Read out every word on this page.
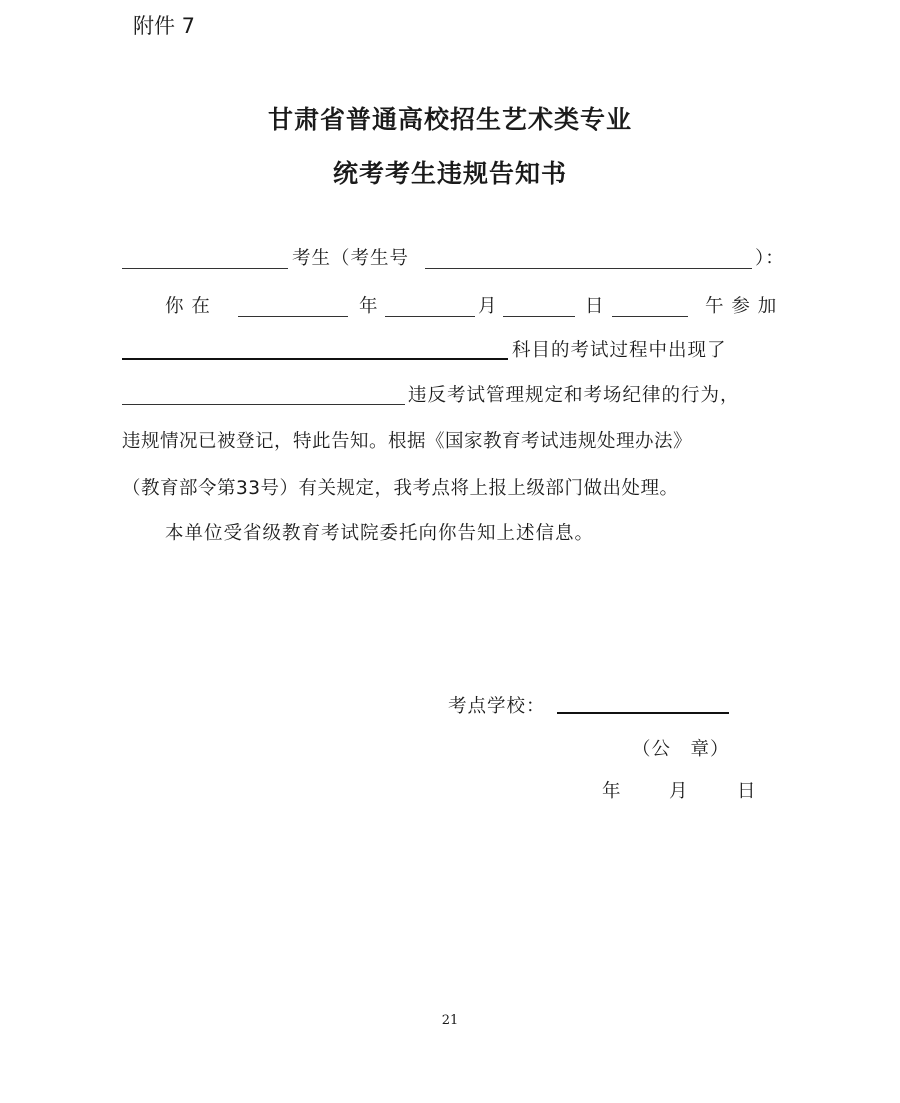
附件 7
甘肃省普通高校招生艺术类专业
统考考生违规告知书
考生（考生号	）：
你 在	年	月	日	午 参 加
科目的考试过程中出现了
违反考试管理规定和考场纪律的行为，
违规情况已被登记，特此告知。根据《国家教育考试违规处理办法》
（教育部令第33号）有关规定，我考点将上报上级部门做出处理。
本单位受省级教育考试院委托向你告知上述信息。
考点学校：
（公　章）
年	月	日
21
